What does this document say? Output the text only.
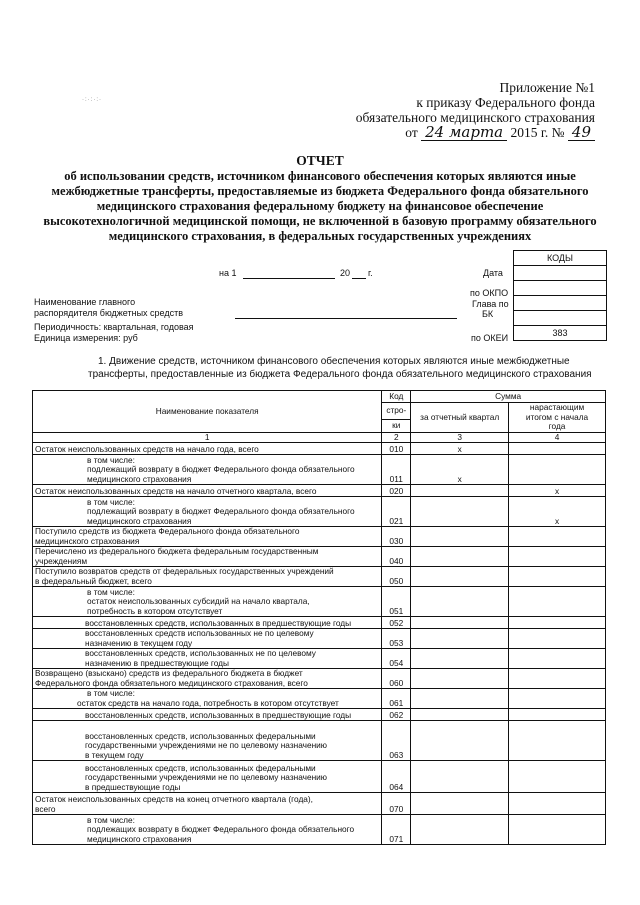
·:·:·:·
Приложение №1
к приказу Федерального фонда
обязательного медицинского страхования
от 24 марта 2015 г. № 49
ОТЧЕТ
об использовании средств, источником финансового обеспечения которых являются иные
межбюджетные трансферты, предоставляемые из бюджета Федерального фонда обязательного
медицинского страхования федеральному бюджету на финансовое обеспечение
высокотехнологичной медицинской помощи, не включенной в базовую программу обязательного
медицинского страхования, в федеральных государственных учреждениях
КОДЫ
383
на 1	20 г.	Дата
по ОКПО
Глава по
БК
по ОКЕИ
Наименование главного
распорядителя бюджетных средств
Периодичность: квартальная, годовая
Единица измерения: руб
1. Движение средств, источником финансового обеспечения которых являются иные межбюджетные
трансферты, предоставленные из бюджета Федерального фонда обязательного медицинского страхования
Наименование показателя	Код	Сумма	
	стро-	за отчетный квартал	нарастающим
итогом с начала
года

	ки		
1	2	3	4
Остаток неиспользованных средств на начало года, всего	010	x	

в том числе:
подлежащий возврату в бюджет Федерального фонда обязательного
медицинского страхования	011	x	
Остаток неиспользованных средств на начало отчетного квартала, всего	020		x

в том числе:
подлежащий возврату в бюджет Федерального фонда обязательного
медицинского страхования	021		x

Поступило средств из бюджета Федерального фонда обязательного
медицинского страхования	030		

Перечислено из федерального бюджета федеральным государственным
учреждениям	040		

Поступило возвратов средств от федеральных государственных учреждений
в федеральный бюджет, всего	050		

в том числе:
остаток неиспользованных субсидий на начало квартала,
потребность в котором отсутствует	051		
восстановленных средств, использованных в предшествующие годы	052		

восстановленных средств использованных не по целевому
назначению в текущем году	053		

восстановленных средств, использованных не по целевому
назначению в предшествующие годы	054		

Возвращено (взыскано) средств из федерального бюджета в бюджет
Федерального фонда обязательного медицинского страхования, всего	060		

в том числе:
остаток средств на начало года, потребность в котором отсутствует	061		
восстановленных средств, использованных в предшествующие годы	062		

восстановленных средств, использованных федеральными
государственными учреждениями не по целевому назначению
в текущем году	063		

восстановленных средств, использованных федеральными
государственными учреждениями не по целевому назначению
в предшествующие годы	064		

Остаток неиспользованных средств на конец отчетного квартала (года),
всего	070		

в том числе:
подлежащих возврату в бюджет Федерального фонда обязательного
медицинского страхования	071		
